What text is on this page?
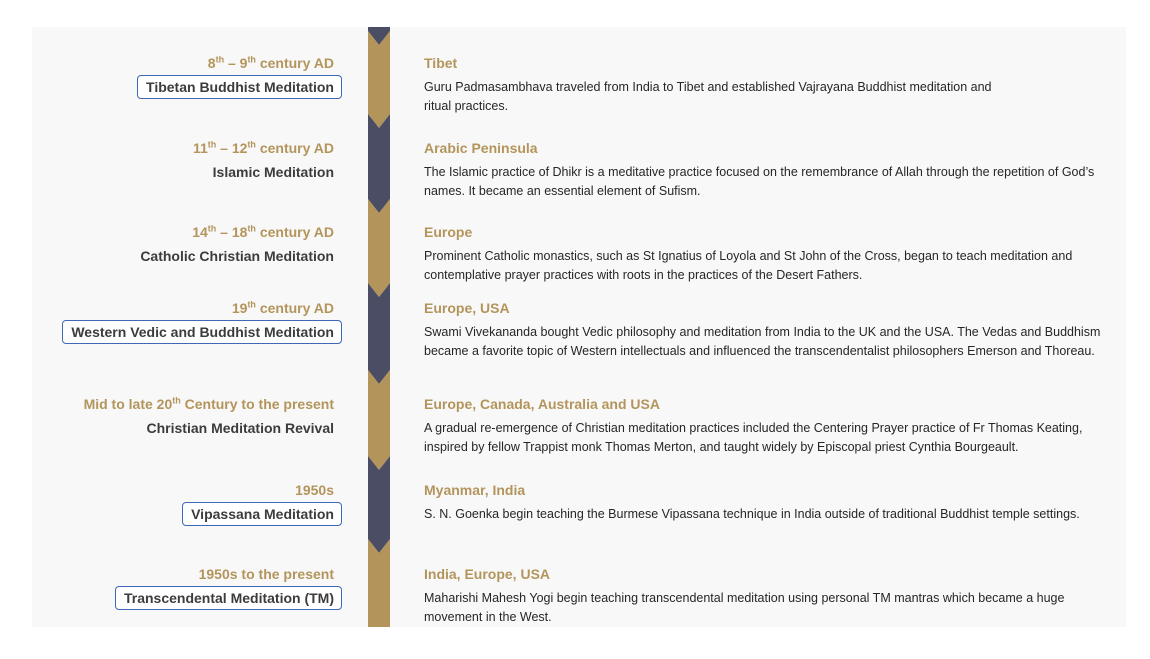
8th – 9th century AD
Tibetan Buddhist Meditation
Tibet
Guru Padmasambhava traveled from India to Tibet and established Vajrayana Buddhist meditation and ritual practices.
11th – 12th century AD
Islamic Meditation
Arabic Peninsula
The Islamic practice of Dhikr is a meditative practice focused on the remembrance of Allah through the repetition of God’s names. It became an essential element of Sufism.
14th – 18th century AD
Catholic Christian Meditation
Europe
Prominent Catholic monastics, such as St Ignatius of Loyola and St John of the Cross, began to teach meditation and contemplative prayer practices with roots in the practices of the Desert Fathers.
19th century AD
Western Vedic and Buddhist Meditation
Europe, USA
Swami Vivekananda bought Vedic philosophy and meditation from India to the UK and the USA. The Vedas and Buddhism became a favorite topic of Western intellectuals and influenced the transcendentalist philosophers Emerson and Thoreau.
Mid to late 20th Century to the present
Christian Meditation Revival
Europe, Canada, Australia and USA
A gradual re-emergence of Christian meditation practices included the Centering Prayer practice of Fr Thomas Keating, inspired by fellow Trappist monk Thomas Merton, and taught widely by Episcopal priest Cynthia Bourgeault.
1950s
Vipassana Meditation
Myanmar, India
S. N. Goenka begin teaching the Burmese Vipassana technique in India outside of traditional Buddhist temple settings.
1950s to the present
Transcendental Meditation (TM)
India, Europe, USA
Maharishi Mahesh Yogi begin teaching transcendental meditation using personal TM mantras which became a huge movement in the West.
